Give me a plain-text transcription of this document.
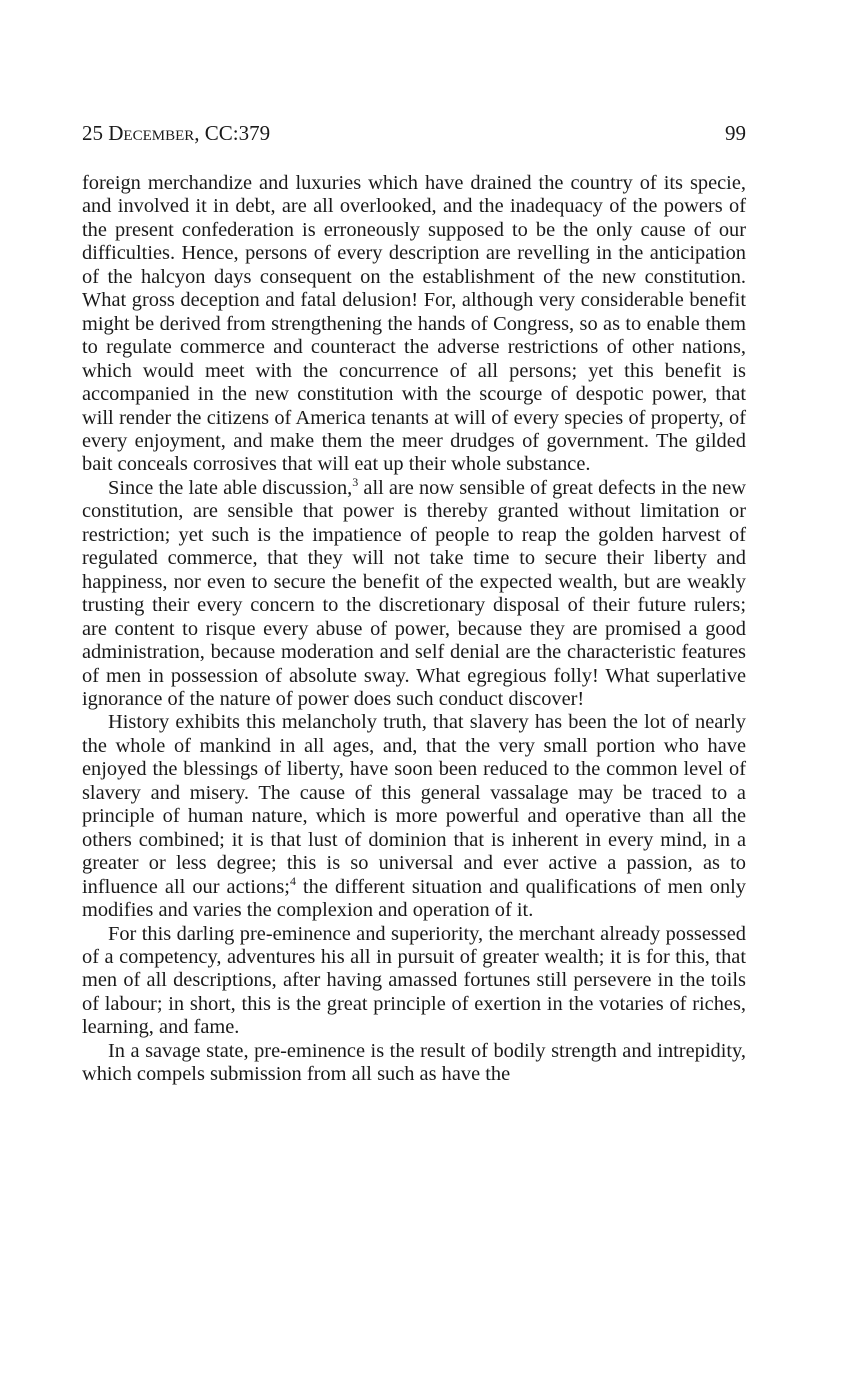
25 December, CC:379	99

foreign merchandize and luxuries which have drained the country of its specie, and involved it in debt, are all overlooked, and the inadequacy of the powers of the present confederation is erroneously supposed to be the only cause of our difficulties. Hence, persons of every description are revelling in the anticipation of the halcyon days consequent on the establishment of the new constitution. What gross deception and fatal delusion! For, although very considerable benefit might be derived from strengthening the hands of Congress, so as to enable them to regulate commerce and counteract the adverse restrictions of other nations, which would meet with the concurrence of all persons; yet this benefit is accompanied in the new constitution with the scourge of despotic power, that will render the citizens of America tenants at will of every species of property, of every enjoyment, and make them the meer drudges of government. The gilded bait conceals corrosives that will eat up their whole substance.

Since the late able discussion,$^3$ all are now sensible of great defects in the new constitution, are sensible that power is thereby granted without limitation or restriction; yet such is the impatience of people to reap the golden harvest of regulated commerce, that they will not take time to secure their liberty and happiness, nor even to secure the benefit of the expected wealth, but are weakly trusting their every concern to the discretionary disposal of their future rulers; are content to risque every abuse of power, because they are promised a good administration, because moderation and self denial are the characteristic features of men in possession of absolute sway. What egregious folly! What superlative ignorance of the nature of power does such conduct discover!

History exhibits this melancholy truth, that slavery has been the lot of nearly the whole of mankind in all ages, and, that the very small portion who have enjoyed the blessings of liberty, have soon been reduced to the common level of slavery and misery. The cause of this general vassalage may be traced to a principle of human nature, which is more powerful and operative than all the others combined; it is that lust of dominion that is inherent in every mind, in a greater or less degree; this is so universal and ever active a passion, as to influence all our actions;$^4$ the different situation and qualifications of men only modifies and varies the complexion and operation of it.

For this darling pre-eminence and superiority, the merchant already possessed of a competency, adventures his all in pursuit of greater wealth; it is for this, that men of all descriptions, after having amassed fortunes still persevere in the toils of labour; in short, this is the great principle of exertion in the votaries of riches, learning, and fame.

In a savage state, pre-eminence is the result of bodily strength and intrepidity, which compels submission from all such as have the
